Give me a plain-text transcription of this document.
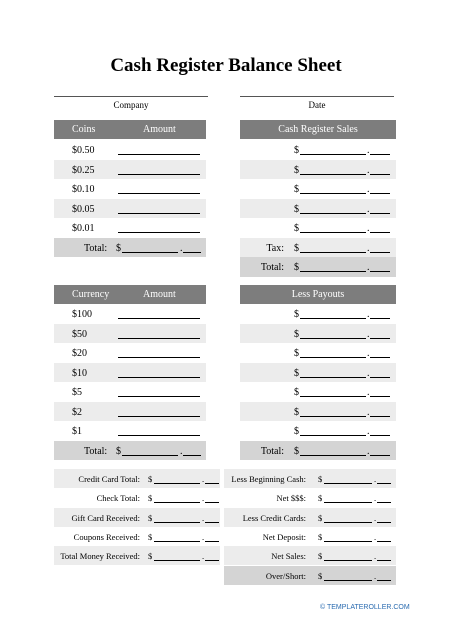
Cash Register Balance Sheet
Company	Date
Coins	Amount
$0.50
$0.25
$0.10
$0.05
$0.01
Total: $	.
Cash Register Sales
$	.
$	.
$	.
$	.
$	.
Tax: $	.
Total: $	.
Currency	Amount
$100
$50
$20
$10
$5
$2
$1
Total: $	.
Less Payouts
$	.
$	.
$	.
$	.
$	.
$	.
$	.
Total: $	.
Credit Card Total: $	.
Check Total: $	.
Gift Card Received: $	.
Coupons Received: $	.
Total Money Received: $	.
Less Beginning Cash: $	.
Net $$$: $	.
Less Credit Cards: $	.
Net Deposit: $	.
Net Sales: $	.
Over/Short: $	.
© TEMPLATEROLLER.COM
